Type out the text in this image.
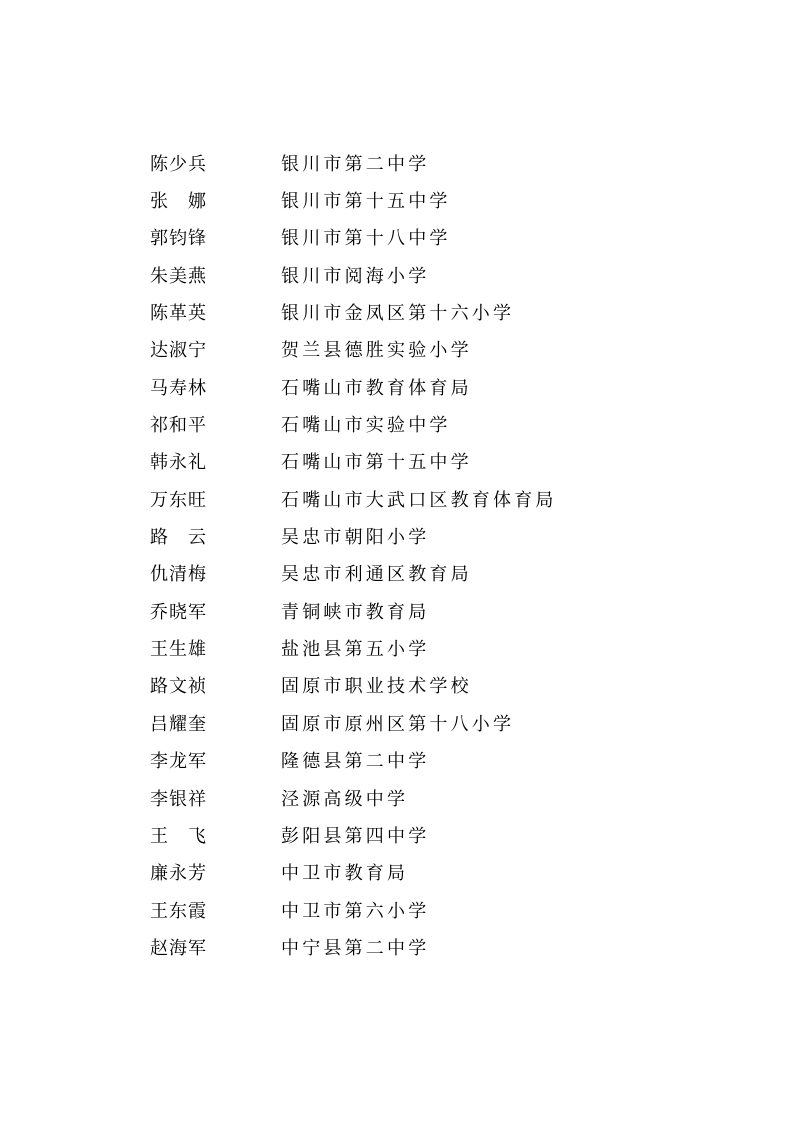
陈少兵	银川市第二中学
张　娜	银川市第十五中学
郭钧锋	银川市第十八中学
朱美燕	银川市阅海小学
陈革英	银川市金凤区第十六小学
达淑宁	贺兰县德胜实验小学
马寿林	石嘴山市教育体育局
祁和平	石嘴山市实验中学
韩永礼	石嘴山市第十五中学
万东旺	石嘴山市大武口区教育体育局
路　云	吴忠市朝阳小学
仇清梅	吴忠市利通区教育局
乔晓军	青铜峡市教育局
王生雄	盐池县第五小学
路文祯	固原市职业技术学校
吕耀奎	固原市原州区第十八小学
李龙军	隆德县第二中学
李银祥	泾源高级中学
王　飞	彭阳县第四中学
廉永芳	中卫市教育局
王东霞	中卫市第六小学
赵海军	中宁县第二中学
